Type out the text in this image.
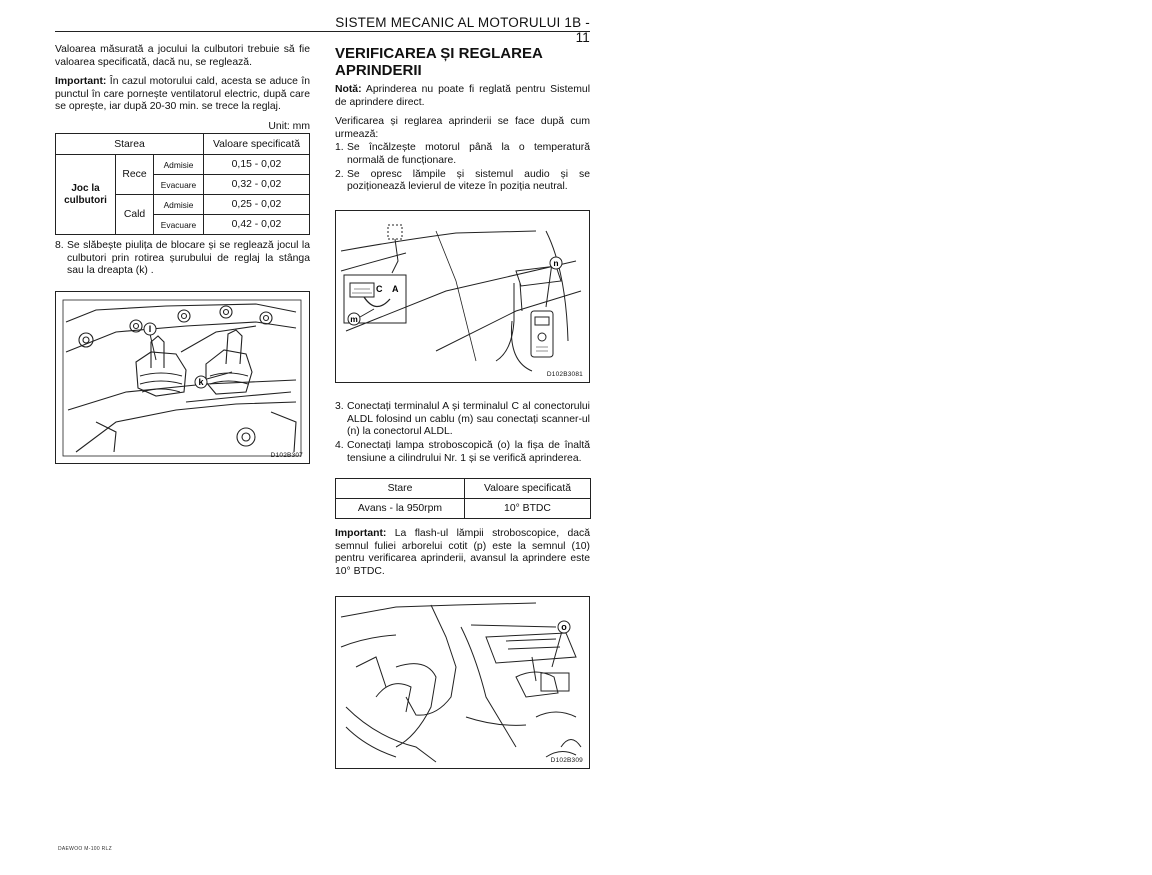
SISTEM MECANIC AL MOTORULUI 1B - 11

Valoarea măsurată a jocului la culbutori trebuie să fie valoarea specificată, dacă nu, se reglează.

Important: În cazul motorului cald, acesta se aduce în punctul în care pornește ventilatorul electric, după care se oprește, iar după 20-30 min. se trece la reglaj.

Unit: mm
Starea			Valoare specificată
Joc la culbutori	Rece	Admisie	0,15 - 0,02
		Evacuare	0,32 - 0,02
	Cald	Admisie	0,25 - 0,02
		Evacuare	0,42 - 0,02
8. Se slăbește piulița de blocare și se reglează jocul la culbutori prin rotirea șurubului de reglaj la stânga sau la dreapta (k) .
l
k
D102B307
VERIFICAREA ȘI REGLAREA APRINDERII

Notă: Aprinderea nu poate fi reglată pentru Sistemul de aprindere direct.

Verificarea și reglarea aprinderii se face după cum urmează:

1. Se încălzește motorul până la o temperatură normală de funcționare.
2. Se opresc lămpile și sistemul audio și se poziționează levierul de viteze în poziția neutral.
C A
m
n
D102B3081
3. Conectați terminalul A și terminalul C al conectorului ALDL folosind un cablu (m) sau conectați scanner-ul (n) la conectorul ALDL.
4. Conectați lampa stroboscopică (o) la fișa de înaltă tensiune a cilindrului Nr. 1 și se verifică aprinderea.
Stare	Valoare specificată
Avans - la 950rpm	10° BTDC

Important: La flash-ul lămpii stroboscopice, dacă semnul fuliei arborelui cotit (p) este la semnul (10) pentru verificarea aprinderii, avansul la aprindere este 10° BTDC.

o
D102B309
DAEWOO M-100 RLZ
